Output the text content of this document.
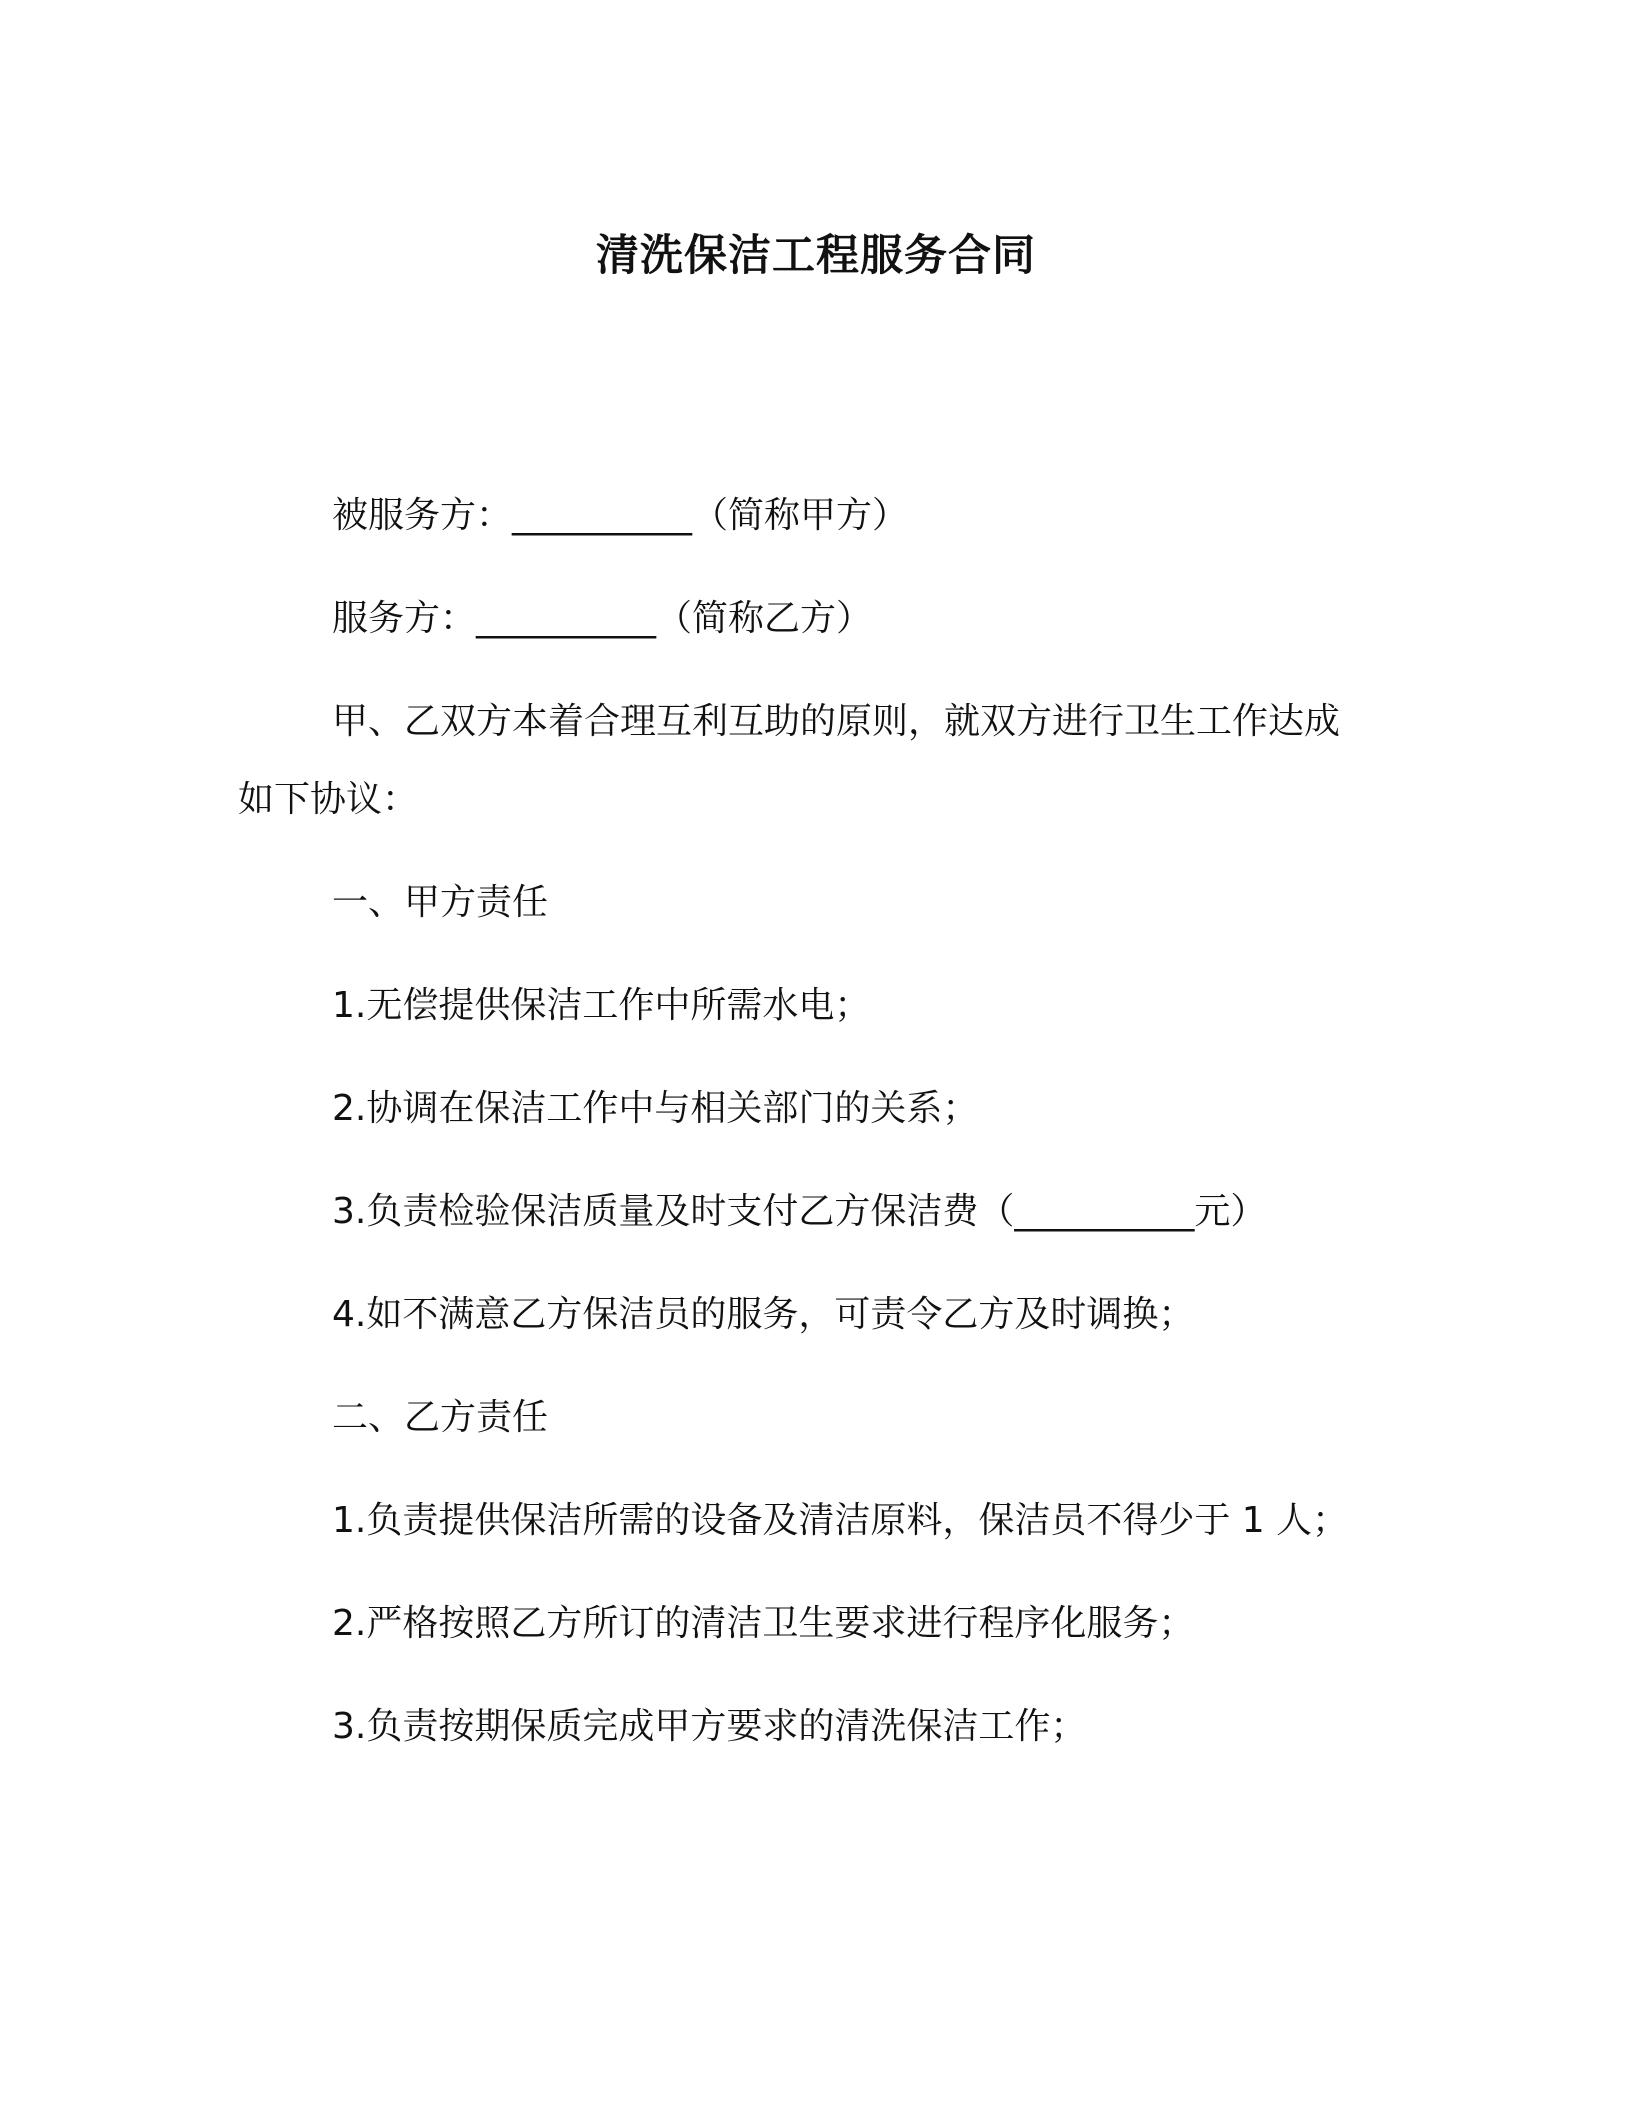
清洗保洁工程服务合同
被服务方：__________（简称甲方）
服务方：__________（简称乙方）
甲、乙双方本着合理互利互助的原则，就双方进行卫生工作达成
如下协议：
一、甲方责任
1.无偿提供保洁工作中所需水电；
2.协调在保洁工作中与相关部门的关系；
3.负责检验保洁质量及时支付乙方保洁费（__________元）
4.如不满意乙方保洁员的服务，可责令乙方及时调换；
二、乙方责任
1.负责提供保洁所需的设备及清洁原料，保洁员不得少于 1 人；
2.严格按照乙方所订的清洁卫生要求进行程序化服务；
3.负责按期保质完成甲方要求的清洗保洁工作；
